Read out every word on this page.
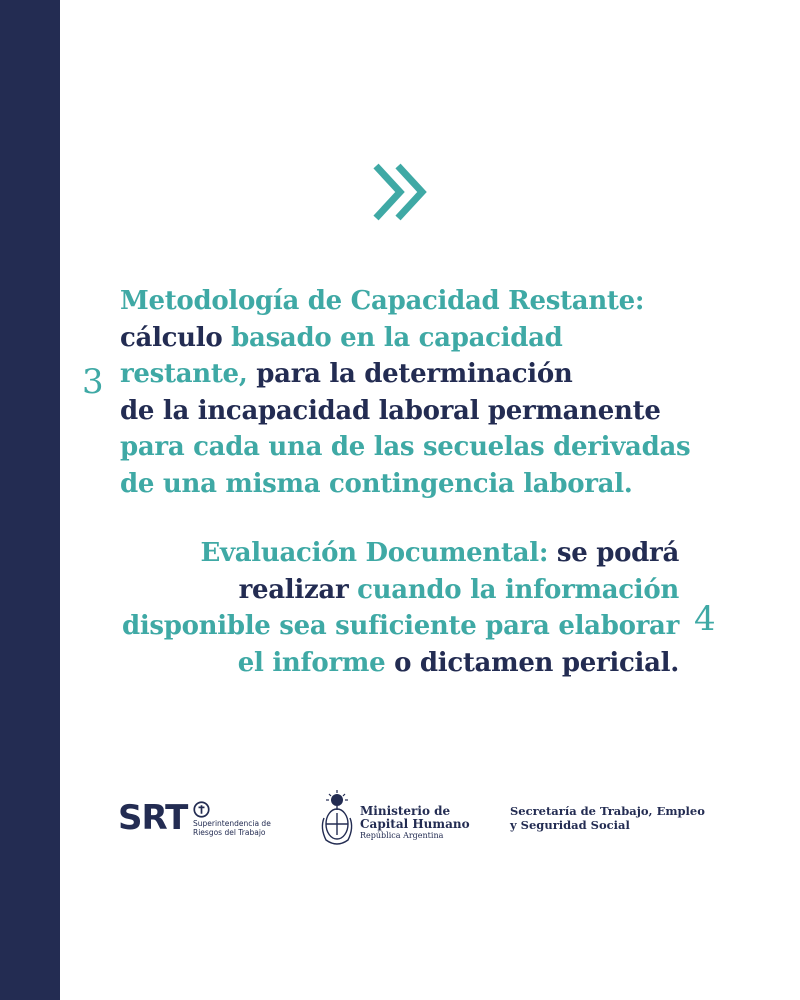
3
Metodología de Capacidad Restante:
cálculo basado en la capacidad
restante, para la determinación
de la incapacidad laboral permanente
para cada una de las secuelas derivadas
de una misma contingencia laboral.
Evaluación Documental: se podrá
realizar cuando la información
disponible sea suficiente para elaborar
el informe o dictamen pericial.
4
SRT Superintendencia de
Riesgos del Trabajo
Ministerio de
Capital Humano
República Argentina
Secretaría de Trabajo, Empleo
y Seguridad Social
